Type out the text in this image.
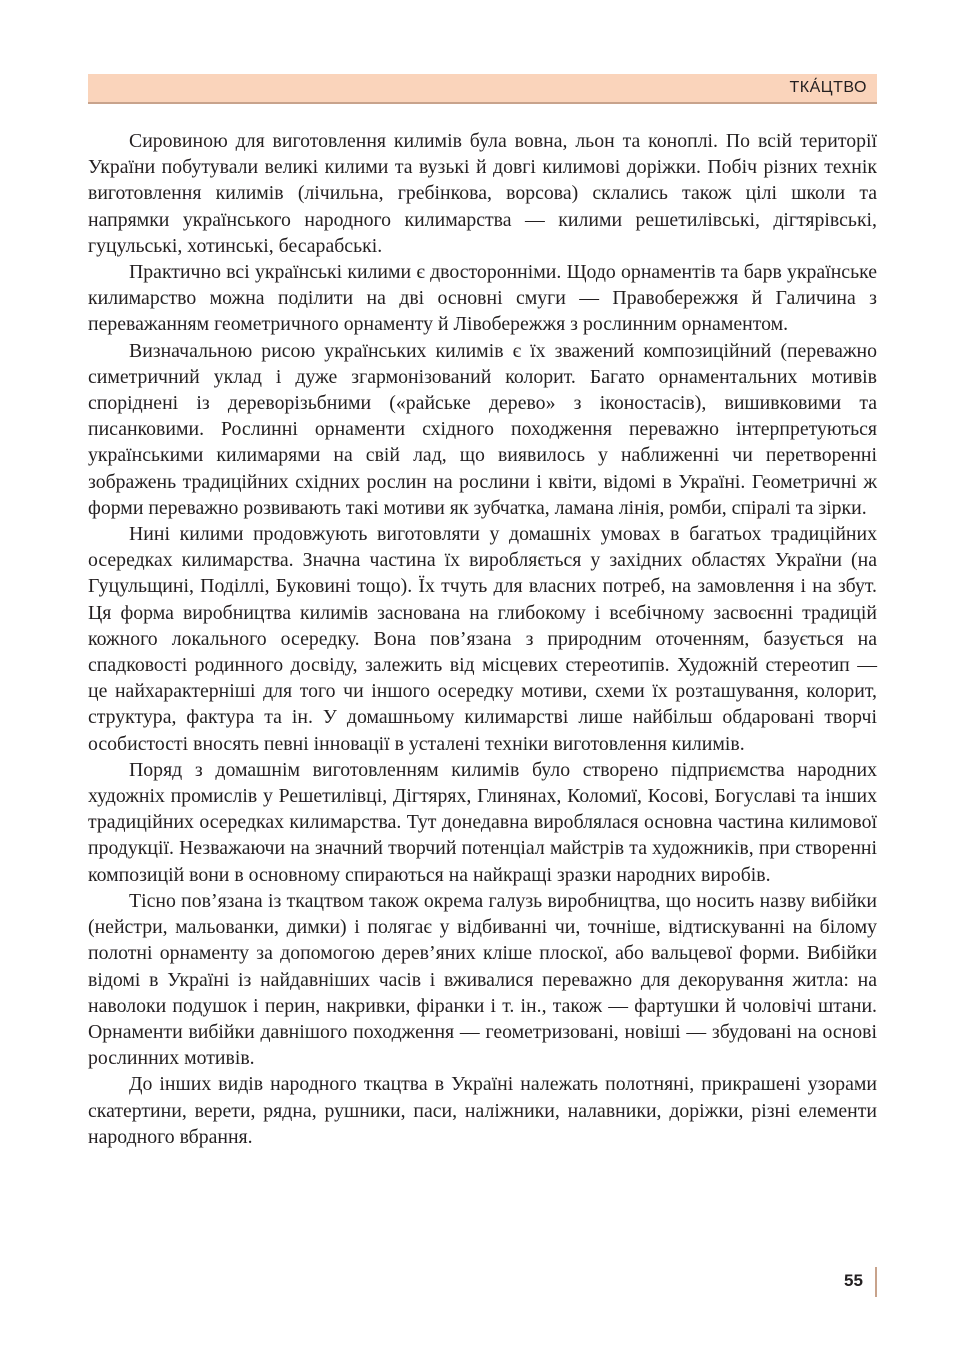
ТКА́ЦТВО

Сировиною для виготовлення килимів була вовна, льон та коноплі. По всій території України побутували великі килими та вузькі й довгі килимові доріжки. Побіч різних технік виготовлення килимів (лічильна, гребінкова, ворсова) склались також цілі школи та напрямки українського народного килимарства — килими решетилівські, дігтярівські, гуцульські, хотинські, бесарабські.

Практично всі українські килими є двосторонніми. Щодо орнаментів та барв українське килимарство можна поділити на дві основні смуги — Правобережжя й Галичина з переважанням геометричного орнаменту й Лівобережжя з рослинним орнаментом.

Визначальною рисою українських килимів є їх зважений композиційний (переважно симетричний уклад і дуже згармонізований колорит. Багато орнаментальних мотивів споріднені із дереворізьбними («райське дерево» з іконостасів), вишивковими та писанковими. Рослинні орнаменти східного походження переважно інтерпретуються українськими килимарями на свій лад, що виявилось у наближенні чи перетворенні зображень традиційних східних рослин на рослини і квіти, відомі в Україні. Геометричні ж форми переважно розвивають такі мотиви як зубчатка, ламана лінія, ромби, спіралі та зірки.

Нині килими продовжують виготовляти у домашніх умовах в багатьох традиційних осередках килимарства. Значна частина їх виробляється у західних областях України (на Гуцульщині, Поділлі, Буковині тощо). Їх тчуть для власних потреб, на замовлення і на збут. Ця форма виробництва килимів заснована на глибокому і всебічному засвоєнні традицій кожного локального осередку. Вона пов’язана з природним оточенням, базується на спадковості родинного досвіду, залежить від місцевих стереотипів. Художній стереотип — це найхарактерніші для того чи іншого осередку мотиви, схеми їх розташування, колорит, структура, фактура та ін. У домашньому килимарстві лише найбільш обдаровані творчі особистості вносять певні інновації в усталені техніки виготовлення килимів.

Поряд з домашнім виготовленням килимів було створено підприємства народних художніх промислів у Решетилівці, Дігтярях, Глинянах, Коломиї, Косові, Богуславі та інших традиційних осередках килимарства. Тут донедавна вироблялася основна частина килимової продукції. Незважаючи на значний творчий потенціал майстрів та художників, при створенні композицій вони в основному спираються на найкращі зразки народних виробів.

Тісно пов’язана із ткацтвом також окрема галузь виробництва, що носить назву вибійки (нейстри, мальованки, димки) і полягає у відбиванні чи, точніше, відтискуванні на білому полотні орнаменту за допомогою дерев’яних кліше плоскої, або вальцевої форми. Вибійки відомі в Україні із найдавніших часів і вживалися переважно для декорування житла: на наволоки подушок і перин, накривки, фіранки і т. ін., також — фартушки й чоловічі штани. Орнаменти вибійки давнішого походження — геометризовані, новіші — збудовані на основі рослинних мотивів.

До інших видів народного ткацтва в Україні належать полотняні, прикрашені узорами скатертини, верети, рядна, рушники, паси, наліжники, налавники, доріжки, різні елементи народного вбрання.

55
